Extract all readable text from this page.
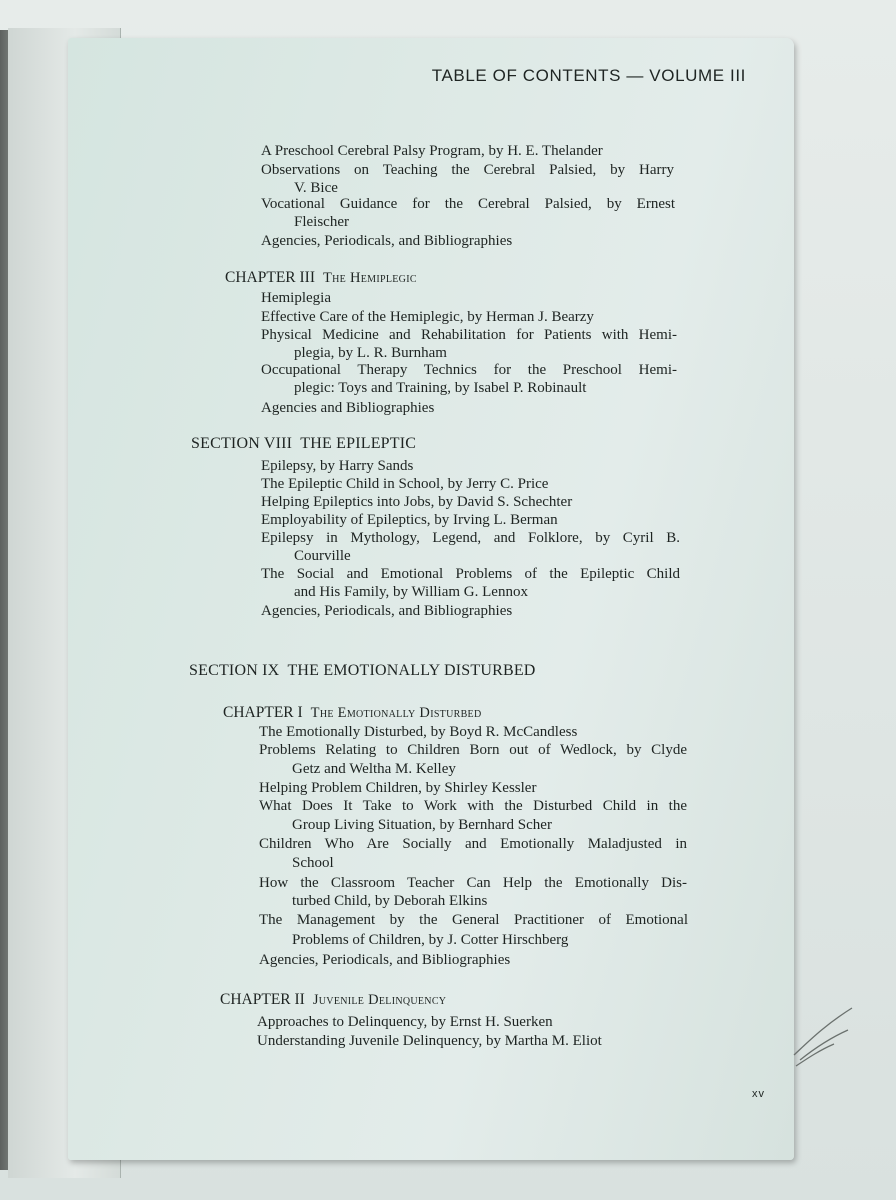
TABLE OF CONTENTS — VOLUME III
A Preschool Cerebral Palsy Program, by H. E. Thelander
Observations on Teaching the Cerebral Palsied, by Harry
V. Bice
Vocational Guidance for the Cerebral Palsied, by Ernest
Fleischer
Agencies, Periodicals, and Bibliographies
CHAPTER III The Hemiplegic
Hemiplegia
Effective Care of the Hemiplegic, by Herman J. Bearzy
Physical Medicine and Rehabilitation for Patients with Hemi-
plegia, by L. R. Burnham
Occupational Therapy Technics for the Preschool Hemi-
plegic: Toys and Training, by Isabel P. Robinault
Agencies and Bibliographies
SECTION VIII THE EPILEPTIC
Epilepsy, by Harry Sands
The Epileptic Child in School, by Jerry C. Price
Helping Epileptics into Jobs, by David S. Schechter
Employability of Epileptics, by Irving L. Berman
Epilepsy in Mythology, Legend, and Folklore, by Cyril B.
Courville
The Social and Emotional Problems of the Epileptic Child
and His Family, by William G. Lennox
Agencies, Periodicals, and Bibliographies
SECTION IX THE EMOTIONALLY DISTURBED
CHAPTER I The Emotionally Disturbed
The Emotionally Disturbed, by Boyd R. McCandless
Problems Relating to Children Born out of Wedlock, by Clyde
Getz and Weltha M. Kelley
Helping Problem Children, by Shirley Kessler
What Does It Take to Work with the Disturbed Child in the
Group Living Situation, by Bernhard Scher
Children Who Are Socially and Emotionally Maladjusted in
School
How the Classroom Teacher Can Help the Emotionally Dis-
turbed Child, by Deborah Elkins
The Management by the General Practitioner of Emotional
Problems of Children, by J. Cotter Hirschberg
Agencies, Periodicals, and Bibliographies
CHAPTER II Juvenile Delinquency
Approaches to Delinquency, by Ernst H. Suerken
Understanding Juvenile Delinquency, by Martha M. Eliot
xv
